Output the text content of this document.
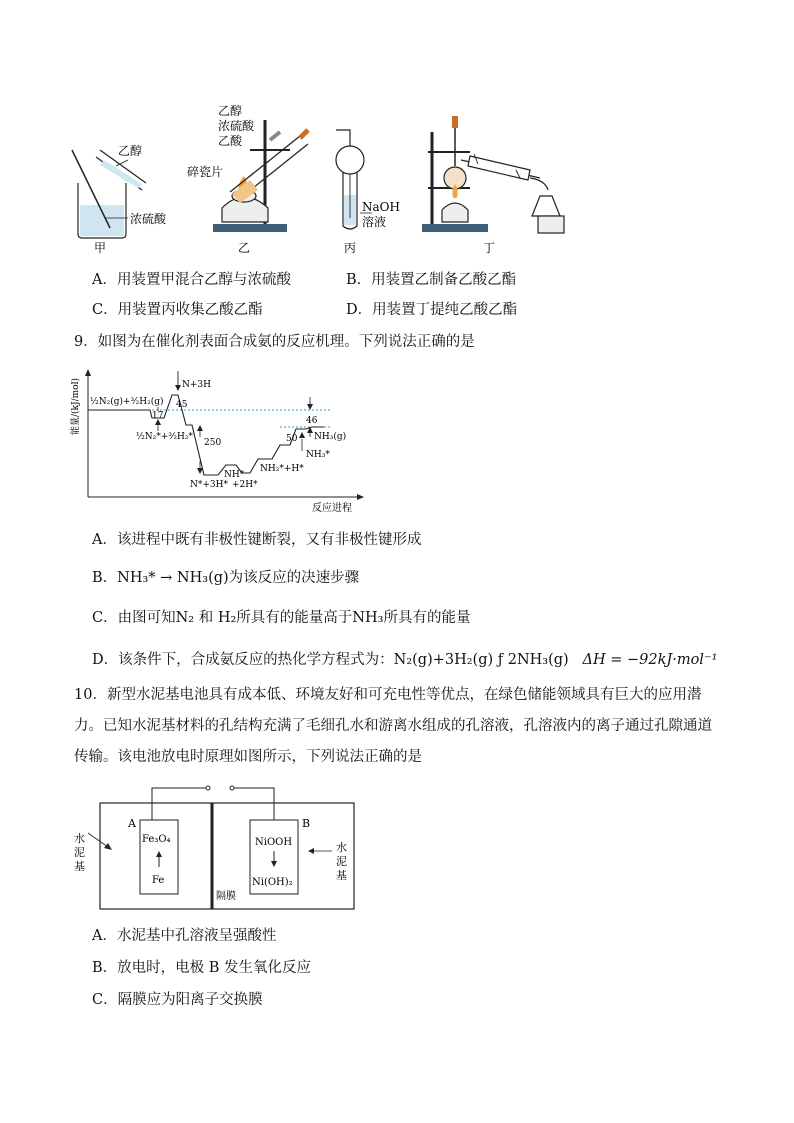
乙醇
浓硫酸
甲
乙醇
浓硫酸
乙酸
碎瓷片
乙
NaOH
溶液
丙	丁
A．用装置甲混合乙醇与浓硫酸	B．用装置乙制备乙酸乙酯
C．用装置丙收集乙酸乙酯	D．用装置丁提纯乙酸乙酯
9．如图为在催化剂表面合成氨的反应机理。下列说法正确的是
能量/(kJ/mol)
反应进程
½N₂(g)+³⁄₂H₂(g)
N+3H
45
17
½N₂*+³⁄₂H₂*
250
N*+3H*
NH*
+2H*
NH₂*+H*
50
NH₃*
46
NH₃(g)
A．该进程中既有非极性键断裂，又有非极性键形成
B．NH₃* → NH₃(g)为该反应的决速步骤
C．由图可知N₂ 和 H₂所具有的能量高于NH₃所具有的能量
D．该条件下，合成氨反应的热化学方程式为：N₂(g)+3H₂(g) ƒ 2NH₃(g) ΔH = −92kJ·mol⁻¹
10．新型水泥基电池具有成本低、环境友好和可充电性等优点，在绿色储能领域具有巨大的应用潜力。已知水泥基材料的孔结构充满了毛细孔水和游离水组成的孔溶液，孔溶液内的离子通过孔隙通道传输。该电池放电时原理如图所示，下列说法正确的是
水
泥
基
水
泥
基
A	B
Fe₃O₄
Fe
NiOOH
Ni(OH)₂
隔膜
A．水泥基中孔溶液呈强酸性
B．放电时，电极 B 发生氧化反应
C．隔膜应为阳离子交换膜
